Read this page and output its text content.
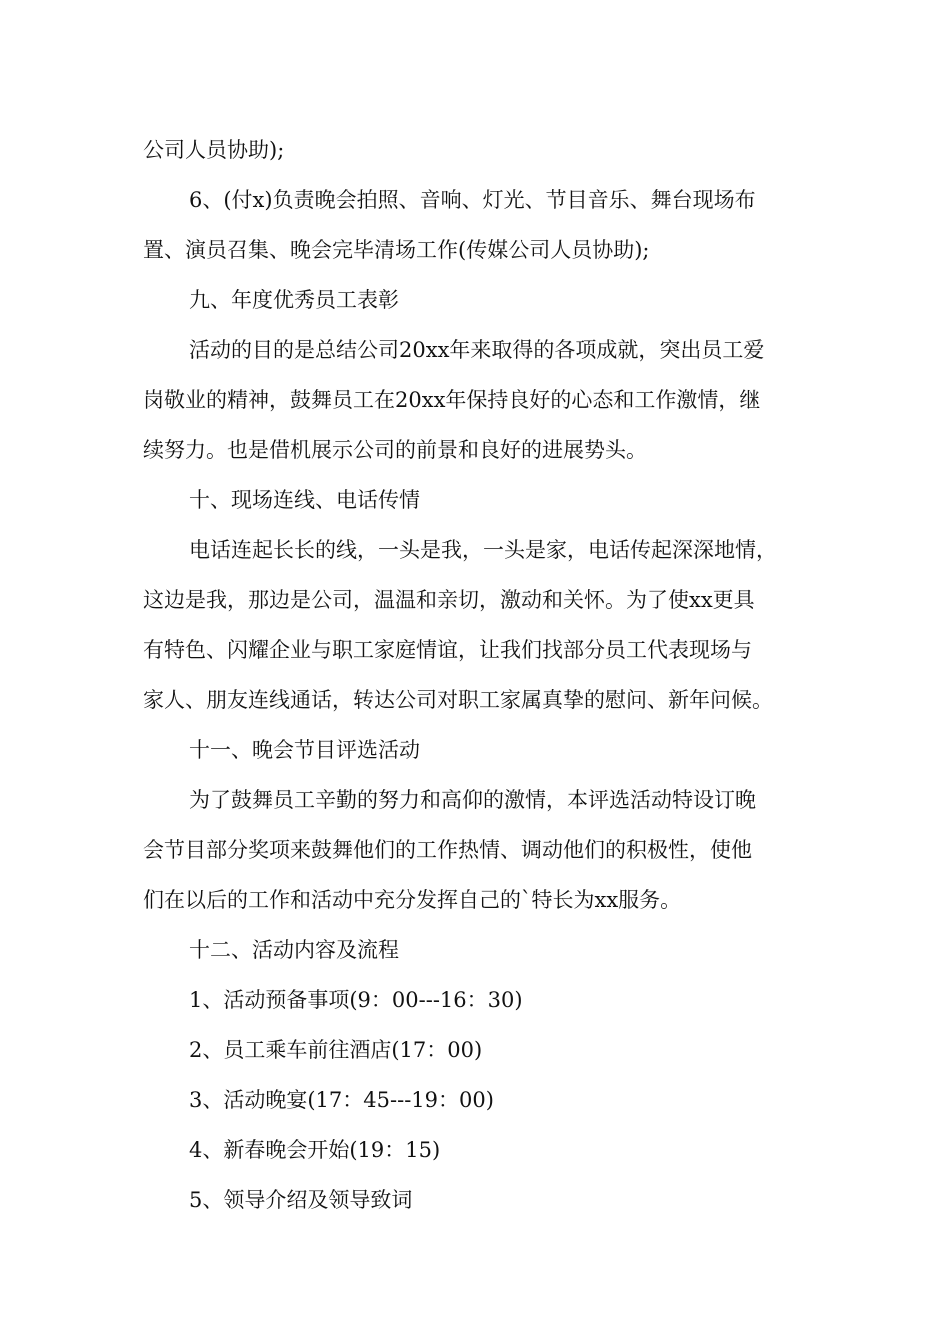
公司人员协助);
6、(付x)负责晚会拍照、音响、灯光、节目音乐、舞台现场布
置、演员召集、晚会完毕清场工作(传媒公司人员协助);
九、年度优秀员工表彰
活动的目的是总结公司20xx年来取得的各项成就，突出员工爱
岗敬业的精神，鼓舞员工在20xx年保持良好的心态和工作激情，继
续努力。也是借机展示公司的前景和良好的进展势头。
十、现场连线、电话传情
电话连起长长的线，一头是我，一头是家，电话传起深深地情，
这边是我，那边是公司，温温和亲切，激动和关怀。为了使xx更具
有特色、闪耀企业与职工家庭情谊，让我们找部分员工代表现场与
家人、朋友连线通话，转达公司对职工家属真挚的慰问、新年问候。
十一、晚会节目评选活动
为了鼓舞员工辛勤的努力和高仰的激情，本评选活动特设订晚
会节目部分奖项来鼓舞他们的工作热情、调动他们的积极性，使他
们在以后的工作和活动中充分发挥自己的`特长为xx服务。
十二、活动内容及流程
1、活动预备事项(9：00---16：30)
2、员工乘车前往酒店(17：00)
3、活动晚宴(17：45---19：00)
4、新春晚会开始(19：15)
5、领导介绍及领导致词
